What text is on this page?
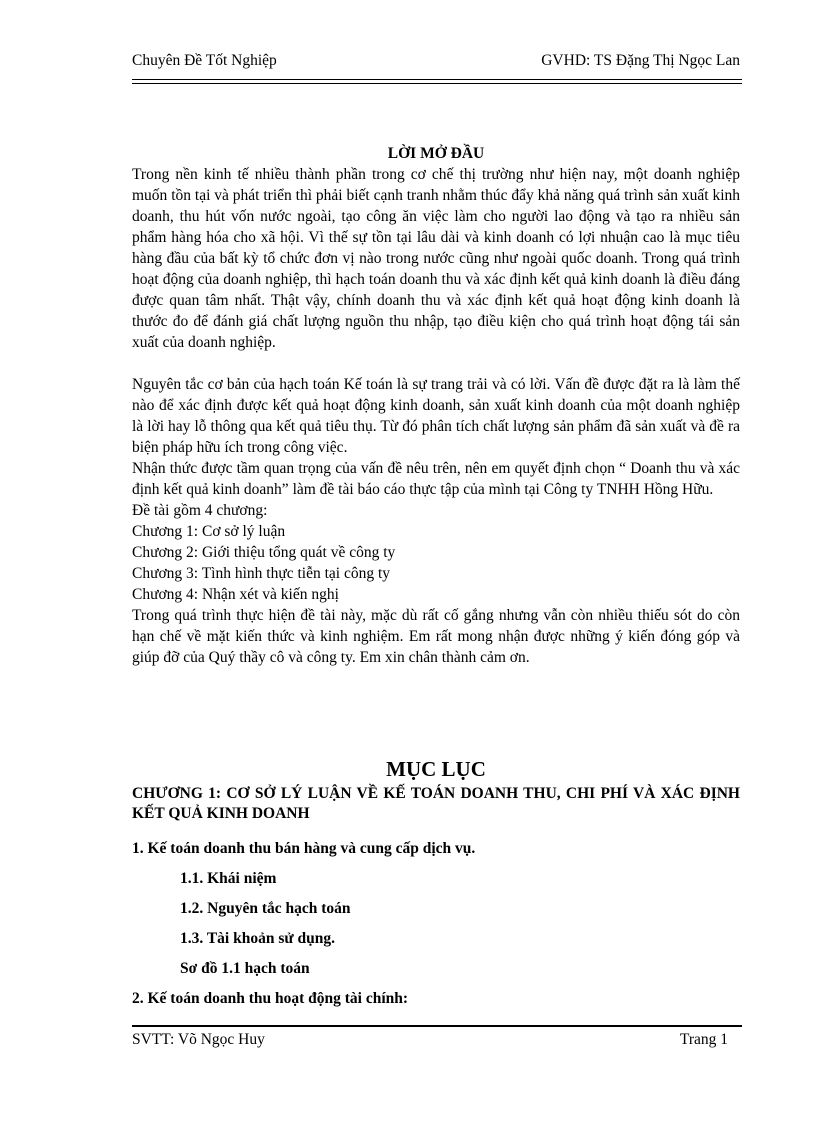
Chuyên Đề Tốt Nghiệp	GVHD: TS Đặng Thị Ngọc Lan
LỜI MỞ ĐẦU
Trong nền kinh tế nhiều thành phần trong cơ chế thị trường như hiện nay, một doanh nghiệp muốn tồn tại và phát triển thì phải biết cạnh tranh nhằm thúc đẩy khả năng quá trình sản xuất kinh doanh, thu hút vốn nước ngoài, tạo công ăn việc làm cho người lao động và tạo ra nhiều sản phẩm hàng hóa cho xã hội. Vì thế sự tồn tại lâu dài và kinh doanh có lợi nhuận cao là mục tiêu hàng đầu của bất kỳ tổ chức đơn vị nào trong nước cũng như ngoài quốc doanh. Trong quá trình hoạt động của doanh nghiệp, thì hạch toán doanh thu và xác định kết quả kinh doanh là điều đáng được quan tâm nhất. Thật vậy, chính doanh thu và xác định kết quả hoạt động kinh doanh là thước đo để đánh giá chất lượng nguồn thu nhập, tạo điều kiện cho quá trình hoạt động tái sản xuất của doanh nghiệp.
Nguyên tắc cơ bản của hạch toán Kế toán là sự trang trải và có lời. Vấn đề được đặt ra là làm thế nào để xác định được kết quả hoạt động kinh doanh, sản xuất kinh doanh của một doanh nghiệp là lời hay lỗ thông qua kết quả tiêu thụ. Từ đó phân tích chất lượng sản phẩm đã sản xuất và đề ra biện pháp hữu ích trong công việc.
Nhận thức được tầm quan trọng của vấn đề nêu trên, nên em quyết định chọn “ Doanh thu và xác định kết quả kinh doanh” làm đề tài báo cáo thực tập của mình tại Công ty TNHH Hồng Hữu.
Đề tài gồm 4 chương:
Chương 1: Cơ sở lý luận
Chương 2: Giới thiệu tổng quát về công ty
Chương 3: Tình hình thực tiễn tại công ty
Chương 4: Nhận xét và kiến nghị
Trong quá trình thực hiện đề tài này, mặc dù rất cố gắng nhưng vẫn còn nhiều thiếu sót do còn hạn chế về mặt kiến thức và kinh nghiệm. Em rất mong nhận được những ý kiến đóng góp và giúp đỡ của Quý thầy cô và công ty. Em xin chân thành cảm ơn.
MỤC LỤC
CHƯƠNG 1: CƠ SỞ LÝ LUẬN VỀ KẾ TOÁN DOANH THU, CHI PHÍ VÀ XÁC ĐỊNH KẾT QUẢ KINH DOANH
1. Kế toán doanh thu bán hàng và cung cấp dịch vụ.
1.1. Khái niệm
1.2. Nguyên tắc hạch toán
1.3. Tài khoản sử dụng.
Sơ đồ 1.1 hạch toán
2. Kế toán doanh thu hoạt động tài chính:
SVTT: Võ Ngọc Huy	Trang 1
